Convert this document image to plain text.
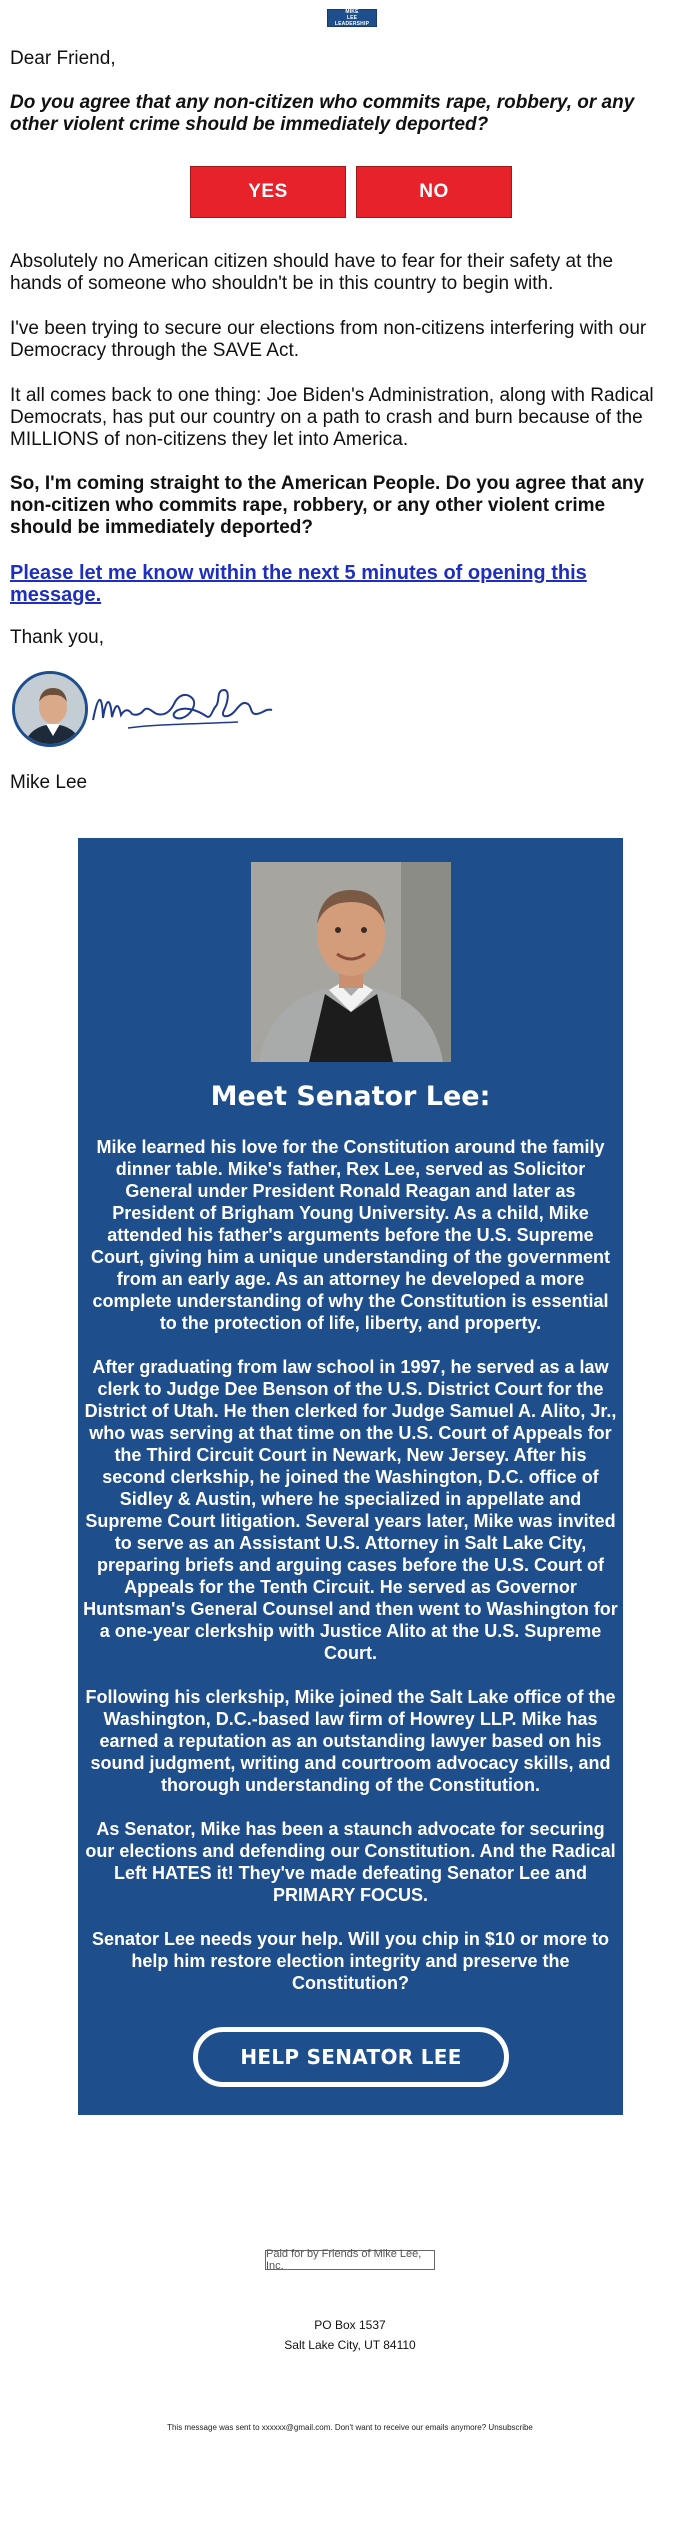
MIKE
LEE
LEADERSHIP
Dear Friend,
Do you agree that any non-citizen who commits rape, robbery, or any other violent crime should be immediately deported?
YES	NO
Absolutely no American citizen should have to fear for their safety at the hands of someone who shouldn't be in this country to begin with.
I've been trying to secure our elections from non-citizens interfering with our Democracy through the SAVE Act.
It all comes back to one thing: Joe Biden's Administration, along with Radical Democrats, has put our country on a path to crash and burn because of the MILLIONS of non-citizens they let into America.
So, I'm coming straight to the American People. Do you agree that any non-citizen who commits rape, robbery, or any other violent crime should be immediately deported?
Please let me know within the next 5 minutes of opening this message.
Thank you,
Mike Lee
Meet Senator Lee:
Mike learned his love for the Constitution around the family dinner table. Mike's father, Rex Lee, served as Solicitor General under President Ronald Reagan and later as President of Brigham Young University. As a child, Mike attended his father's arguments before the U.S. Supreme Court, giving him a unique understanding of the government from an early age. As an attorney he developed a more complete understanding of why the Constitution is essential to the protection of life, liberty, and property.
After graduating from law school in 1997, he served as a law clerk to Judge Dee Benson of the U.S. District Court for the District of Utah. He then clerked for Judge Samuel A. Alito, Jr., who was serving at that time on the U.S. Court of Appeals for the Third Circuit Court in Newark, New Jersey. After his second clerkship, he joined the Washington, D.C. office of Sidley & Austin, where he specialized in appellate and Supreme Court litigation. Several years later, Mike was invited to serve as an Assistant U.S. Attorney in Salt Lake City, preparing briefs and arguing cases before the U.S. Court of Appeals for the Tenth Circuit. He served as Governor Huntsman's General Counsel and then went to Washington for a one-year clerkship with Justice Alito at the U.S. Supreme Court.
Following his clerkship, Mike joined the Salt Lake office of the Washington, D.C.-based law firm of Howrey LLP. Mike has earned a reputation as an outstanding lawyer based on his sound judgment, writing and courtroom advocacy skills, and thorough understanding of the Constitution.
As Senator, Mike has been a staunch advocate for securing our elections and defending our Constitution. And the Radical Left HATES it! They've made defeating Senator Lee and PRIMARY FOCUS.
Senator Lee needs your help. Will you chip in $10 or more to help him restore election integrity and preserve the Constitution?
HELP SENATOR LEE
Paid for by Friends of Mike Lee, Inc.
PO Box 1537
Salt Lake City, UT 84110
This message was sent to xxxxxx@gmail.com. Don't want to receive our emails anymore? Unsubscribe
